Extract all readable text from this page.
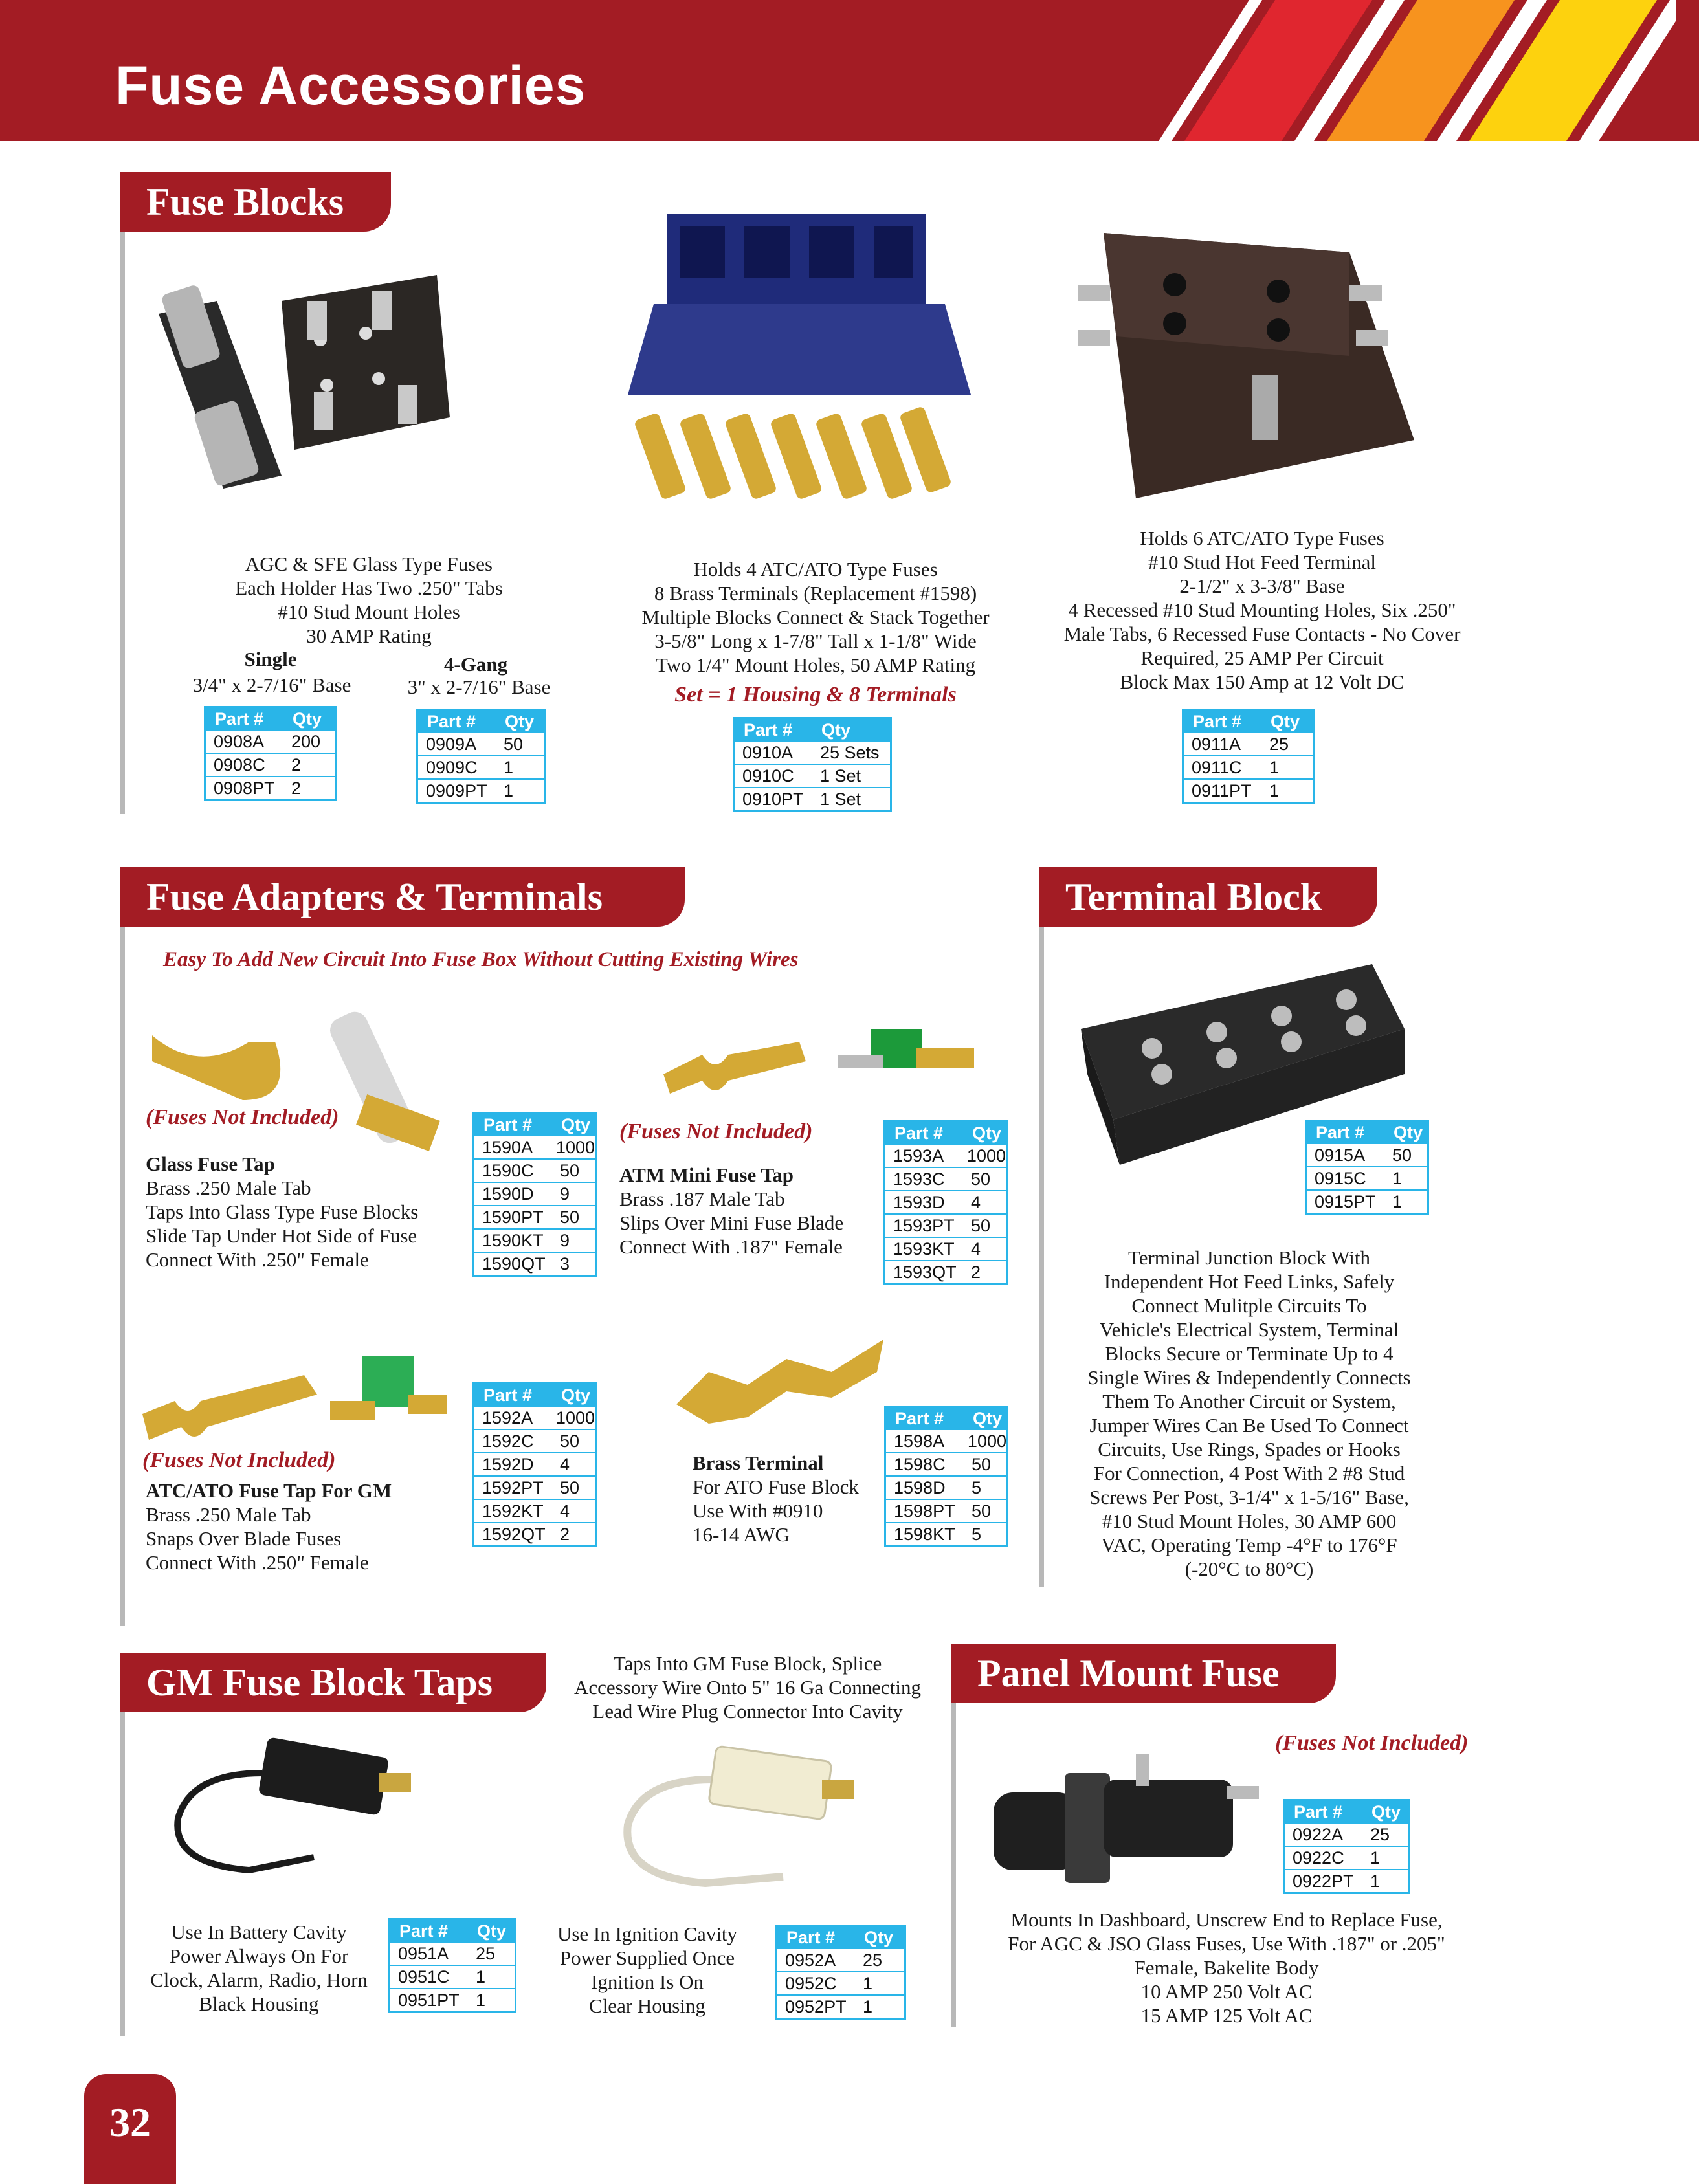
Fuse Accessories
Fuse Blocks
AGC & SFE Glass Type Fuses
Each Holder Has Two .250" Tabs
#10 Stud Mount Holes
30 AMP Rating
Single
3/4" x 2-7/16" Base
4-Gang
3" x 2-7/16" Base
Part #	Qty
0908A	200
0908C	2
0908PT 2
Part #	Qty
0909A	50
0909C	1
0909PT 1
Holds 4 ATC/ATO Type Fuses
8 Brass Terminals (Replacement #1598)
Multiple Blocks Connect & Stack Together
3-5/8" Long x 1-7/8" Tall x 1-1/8" Wide
Two 1/4" Mount Holes, 50 AMP Rating
Set = 1 Housing & 8 Terminals
Part #	Qty
0910A	25 Sets
0910C	1 Set
0910PT 1 Set
Holds 6 ATC/ATO Type Fuses
#10 Stud Hot Feed Terminal
2-1/2" x 3-3/8" Base
4 Recessed #10 Stud Mounting Holes, Six .250"
Male Tabs, 6 Recessed Fuse Contacts - No Cover
Required, 25 AMP Per Circuit
Block Max 150 Amp at 12 Volt DC
Part #	Qty
0911A	25
0911C	1
0911PT	1
Fuse Adapters & Terminals
Easy To Add New Circuit Into Fuse Box Without Cutting Existing Wires
(Fuses Not Included)
Glass Fuse Tap
Brass .250 Male Tab
Taps Into Glass Type Fuse Blocks
Slide Tap Under Hot Side of Fuse
Connect With .250" Female
Part #	Qty
1590A	1000
1590C	50
1590D	9
1590PT 50
1590KT 9
1590QT 3
(Fuses Not Included)
ATM Mini Fuse Tap
Brass .187 Male Tab
Slips Over Mini Fuse Blade
Connect With .187" Female
Part #	Qty
1593A	1000
1593C	50
1593D	4
1593PT 50
1593KT 4
1593QT 2
(Fuses Not Included)
ATC/ATO Fuse Tap For GM
Brass .250 Male Tab
Snaps Over Blade Fuses
Connect With .250" Female
Part #	Qty
1592A	1000
1592C	50
1592D	4
1592PT 50
1592KT 4
1592QT 2
Brass Terminal
For ATO Fuse Block
Use With #0910
16-14 AWG
Part #	Qty
1598A	1000
1598C	50
1598D	5
1598PT 50
1598KT 5
Terminal Block
Part #	Qty
0915A	50
0915C	1
0915PT 1
Terminal Junction Block With
Independent Hot Feed Links, Safely
Connect Mulitple Circuits To
Vehicle's Electrical System, Terminal
Blocks Secure or Terminate Up to 4
Single Wires & Independently Connects
Them To Another Circuit or System,
Jumper Wires Can Be Used To Connect
Circuits, Use Rings, Spades or Hooks
For Connection, 4 Post With 2 #8 Stud
Screws Per Post, 3-1/4" x 1-5/16" Base,
#10 Stud Mount Holes, 30 AMP 600
VAC, Operating Temp -4°F to 176°F
(-20°C to 80°C)
GM Fuse Block Taps	Taps Into GM Fuse Block, Splice
Accessory Wire Onto 5" 16 Ga Connecting
Lead Wire Plug Connector Into Cavity
Use In Battery Cavity
Power Always On For
Clock, Alarm, Radio, Horn
Black Housing
Part #	Qty
0951A	25
0951C	1
0951PT 1
Use In Ignition Cavity
Power Supplied Once
Ignition Is On
Clear Housing
Part #	Qty
0952A	25
0952C	1
0952PT 1
Panel Mount Fuse
(Fuses Not Included)
Part #	Qty
0922A	25
0922C	1
0922PT 1
Mounts In Dashboard, Unscrew End to Replace Fuse,
For AGC & JSO Glass Fuses, Use With .187" or .205"
Female, Bakelite Body
10 AMP 250 Volt AC
15 AMP 125 Volt AC
32
